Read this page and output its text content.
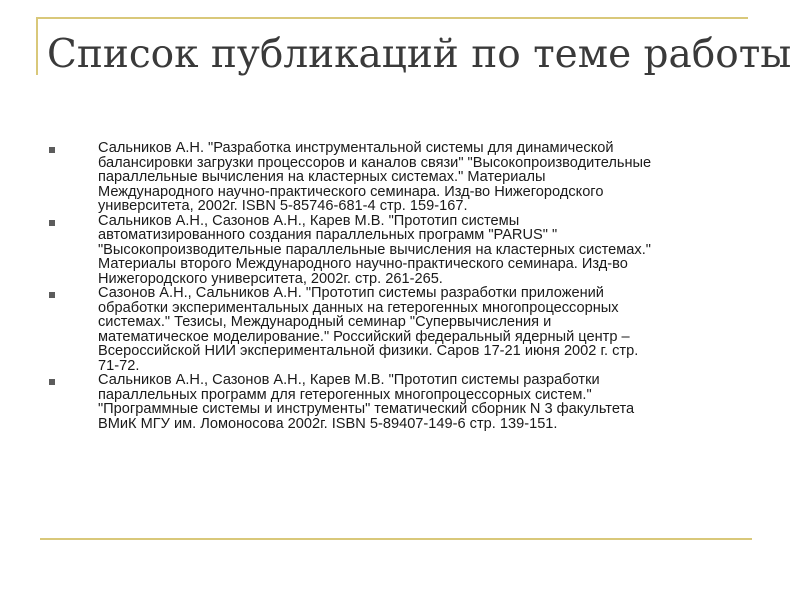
Список публикаций по теме работы
Сальников А.Н. "Разработка инструментальной системы для динамической
балансировки загрузки процессоров и каналов связи" "Высокопроизводительные
параллельные вычисления на кластерных системах." Материалы
Международного научно-практического семинара. Изд-во Нижегородского
университета, 2002г. ISBN 5-85746-681-4 стр. 159-167.
Сальников А.Н., Сазонов А.Н., Карев М.В. "Прототип системы
автоматизированного создания параллельных программ "PARUS" "
"Высокопроизводительные параллельные вычисления на кластерных системах."
Материалы второго Международного научно-практического семинара. Изд-во
Нижегородского университета, 2002г. стр. 261-265.
Сазонов А.Н., Сальников А.Н. "Прототип системы разработки приложений
обработки экспериментальных данных на гетерогенных многопроцессорных
системах." Тезисы, Международный семинар "Супервычисления и
математическое моделирование." Российский федеральный ядерный центр –
Всероссийской НИИ экспериментальной физики. Саров 17-21 июня 2002 г. стр.
71-72.
Сальников А.Н., Сазонов А.Н., Карев М.В. "Прототип системы разработки
параллельных программ для гетерогенных многопроцессорных систем."
"Программные системы и инструменты" тематический сборник N 3 факультета
ВМиК МГУ им. Ломоносова 2002г. ISBN 5-89407-149-6 стр. 139-151.
